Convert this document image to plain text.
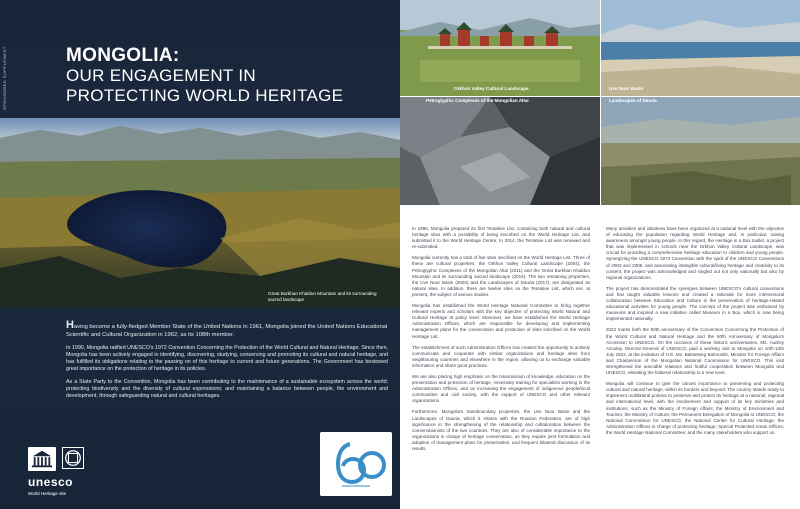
SPONSORED SUPPLEMENT	MONGOLIA:
OUR ENGAGEMENT IN
PROTECTING WORLD HERITAGE
Great Burkhan Khaldun Mountain and its surrounding sacred landscape

Having become a fully-fledged Member State of the United Nations in 1961, Mongolia joined the United Nations Educational Scientific and Cultural Organization in 1962, as its 108th member.

In 1990, Mongolia ratified UNESCO's 1972 Convention Concerning the Protection of the World Cultural and Natural Heritage. Since then, Mongolia has been actively engaged in identifying, discovering, studying, conserving and promoting its cultural and natural heritage, and has fulfilled its obligations relating to the passing on of this heritage to current and future generations. The Government has bestowed great importance on the protection of heritage in its policies.

As a State Party to the Convention, Mongolia has been contributing to the maintenance of a sustainable ecosystem across the world; protecting biodiversity and the diversity of cultural expressions; and maintaining a balance between people, the environment and development, through safeguarding natural and cultural heritages.

unesco
World Heritage site
Orkhon Valley Cultural Landscape	Uvs Nuur Basin
Petroglyphic Complexes of the Mongolian Altai	Landscapes of Dauria

In 1996, Mongolia prepared its first Tentative List, containing both natural and cultural heritage sites with a possibility of being inscribed on the World Heritage List, and submitted it to the World Heritage Centre. In 2014, the Tentative List was renewed and re-submitted.

Mongolia currently has a total of five sites inscribed on the World Heritage List. Three of these are cultural properties: the Orkhon Valley Cultural Landscape (2004), the Petroglyphic Complexes of the Mongolian Altai (2011) and the Great Burkhan Khaldun Mountain and its surrounding sacred landscape (2015). The two remaining properties, the Uvs Nuur Basin (2003) and the Landscapes of Dauria (2017), are designated as natural sites. In addition, there are twelve sites on the Tentative List, which are, at present, the subject of various studies.

Mongolia has established the World Heritage National Committee to bring together relevant experts and scholars with the key objective of protecting World Natural and Cultural Heritage at policy level. Moreover, we have established the World Heritage Administration Offices, which are responsible for developing and implementing management plans for the conservation and protection of sites inscribed on the World Heritage List.

The establishment of such Administration Offices has created the opportunity to actively communicate and cooperate with similar organizations and heritage sites from neighbouring countries and elsewhere in the region, allowing us to exchange valuable information and share good practices.

We are also placing high emphasis on the transmission of knowledge, education on the preservation and protection of heritage, necessary training for specialists working in the Administration Offices, and on increasing the engagement of indigenous people/local communities and civil society, with the support of UNESCO and other relevant organizations.

Furthermore, Mongolia's transboundary properties, the Uvs Nuur Basin and the Landscapes of Dauria, which it shares with the Russian Federation, are of high significance in the strengthening of the relationship and collaboration between the conservationists of the two countries. They are also of considerable importance to the organizations in charge of heritage conservation, as they require joint formulation and adoption of management plans for preservation, and frequent bilateral discussion of its results.

Many activities and initiatives have been organized at a national level with the objective of educating the population regarding World Heritage and, in particular, raising awareness amongst young people. In this regard, the Heritage in a Box toolkit, a project that was implemented in schools near the Orkhon Valley Cultural Landscape, was crucial for providing a comprehensive heritage education to children and young people. Synergizing the UNESCO 1972 Convention with the spirit of the UNESCO Conventions of 2003 and 2005, and associating intangible cultural/living heritage and creativity to its content, the project was acknowledged and singled out not only nationally but also by regional organizations.

The project has demonstrated the synergies between UNESCO's cultural conventions and has taught valuable lessons and created a rationale for more intersectoral collaboration between Education and Culture in the preservation of heritage-related educational activities for young people. The concept of the project was embraced by museums and inspired a new initiative called Museum in a Box, which is now being implemented nationally.

2022 marks both the 50th anniversary of the Convention Concerning the Protection of the World Cultural and Natural Heritage and the 60th Anniversary of Mongolia's Accession to UNESCO. On the occasion of these historic anniversaries, Ms. Audrey Azoulay, Director-General of UNESCO, paid a working visit to Mongolia on 10th-14th July 2022, at the invitation of H.E. Ms. Battsetseg Batmunkh, Minister for Foreign Affairs and Chairperson of the Mongolian National Commission for UNESCO. This visit strengthened the amicable relations and fruitful cooperation between Mongolia and UNESCO, elevating the bilateral relationship to a new level.

Mongolia will continue to give the utmost importance to preserving and protecting cultural and natural heritage, within its borders and beyond. The country stands ready to implement multilateral policies to preserve and protect its heritage at a national, regional and international level, with the involvement and support of its key ministries and institutions, such as the Ministry of Foreign Affairs; the Ministry of Environment and Tourism; the Ministry of Culture; the Permanent Delegation of Mongolia to UNESCO; the National Commission for UNESCO; the National Center for Cultural Heritage; the Administration Offices in charge of protecting heritage; Special Protected Areas Offices; the World Heritage National Committee; and the many stakeholders who support us.
